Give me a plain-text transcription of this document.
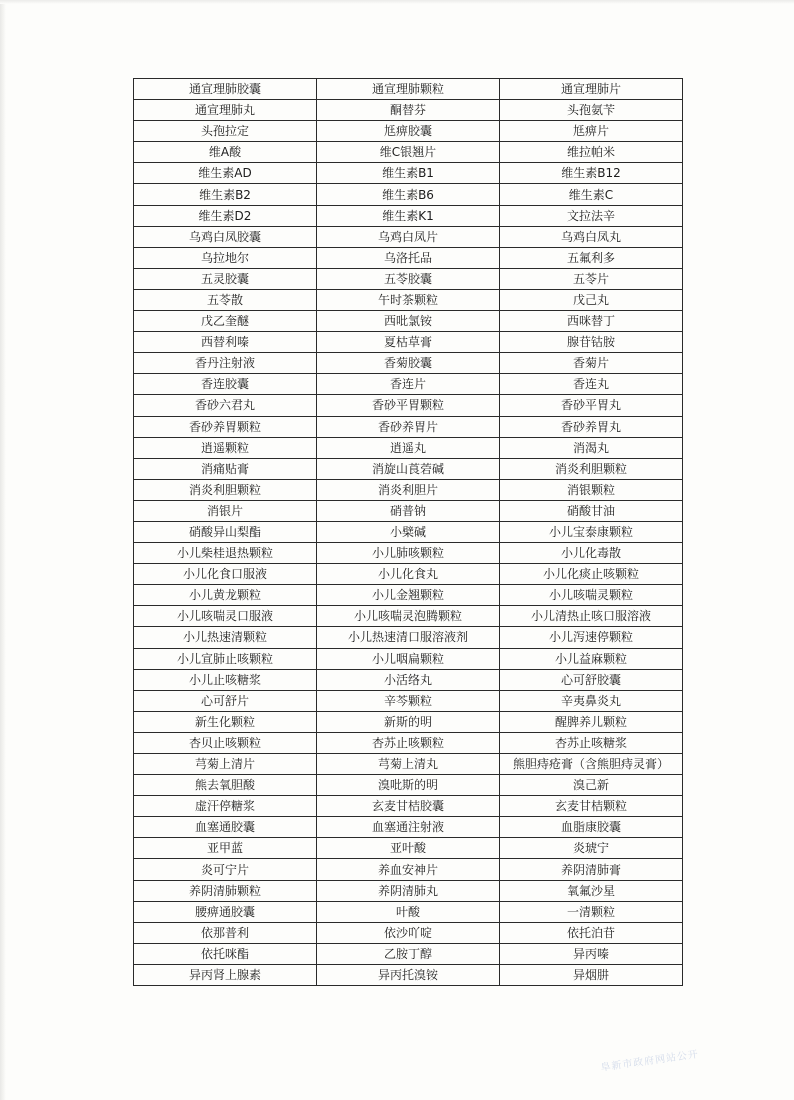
通宣理肺胶囊	通宣理肺颗粒	通宣理肺片
通宣理肺丸	酮替芬	头孢氨苄
头孢拉定	尪痹胶囊	尪痹片
维A酸	维C银翘片	维拉帕米
维生素AD	维生素B1	维生素B12
维生素B2	维生素B6	维生素C
维生素D2	维生素K1	文拉法辛
乌鸡白凤胶囊	乌鸡白凤片	乌鸡白凤丸
乌拉地尔	乌洛托品	五氟利多
五灵胶囊	五苓胶囊	五苓片
五苓散	午时茶颗粒	戊己丸
戊乙奎醚	西吡氯铵	西咪替丁
西替利嗪	夏枯草膏	腺苷钴胺
香丹注射液	香菊胶囊	香菊片
香连胶囊	香连片	香连丸
香砂六君丸	香砂平胃颗粒	香砂平胃丸
香砂养胃颗粒	香砂养胃片	香砂养胃丸
逍遥颗粒	逍遥丸	消渴丸
消痛贴膏	消旋山莨菪碱	消炎利胆颗粒
消炎利胆颗粒	消炎利胆片	消银颗粒
消银片	硝普钠	硝酸甘油
硝酸异山梨酯	小檗碱	小儿宝泰康颗粒
小儿柴桂退热颗粒	小儿肺咳颗粒	小儿化毒散
小儿化食口服液	小儿化食丸	小儿化痰止咳颗粒
小儿黄龙颗粒	小儿金翘颗粒	小儿咳喘灵颗粒
小儿咳喘灵口服液	小儿咳喘灵泡腾颗粒	小儿清热止咳口服溶液
小儿热速清颗粒	小儿热速清口服溶液剂	小儿泻速停颗粒
小儿宣肺止咳颗粒	小儿咽扁颗粒	小儿益麻颗粒
小儿止咳糖浆	小活络丸	心可舒胶囊
心可舒片	辛芩颗粒	辛夷鼻炎丸
新生化颗粒	新斯的明	醒脾养儿颗粒
杏贝止咳颗粒	杏苏止咳颗粒	杏苏止咳糖浆
芎菊上清片	芎菊上清丸	熊胆痔疮膏（含熊胆痔灵膏）
熊去氧胆酸	溴吡斯的明	溴己新
虚汗停糖浆	玄麦甘桔胶囊	玄麦甘桔颗粒
血塞通胶囊	血塞通注射液	血脂康胶囊
亚甲蓝	亚叶酸	炎琥宁
炎可宁片	养血安神片	养阴清肺膏
养阴清肺颗粒	养阴清肺丸	氧氟沙星
腰痹通胶囊	叶酸	一清颗粒
依那普利	依沙吖啶	依托泊苷
依托咪酯	乙胺丁醇	异丙嗪
异丙肾上腺素	异丙托溴铵	异烟肼
阜新市政府网站公开
